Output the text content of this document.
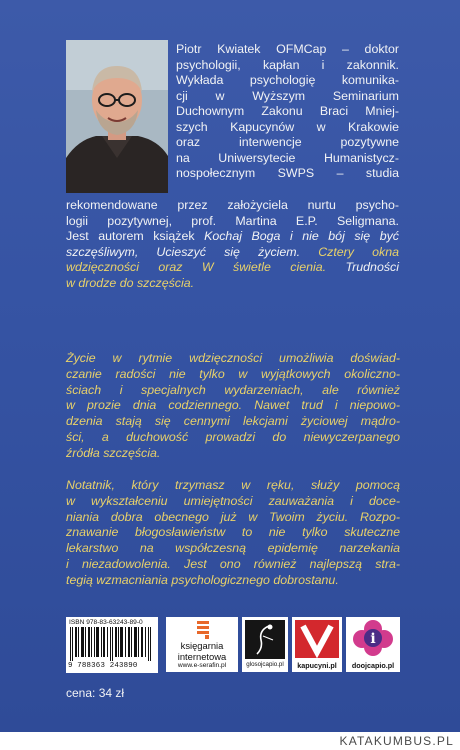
Piotr Kwiatek OFMCap – doktor
psychologii, kapłan i zakonnik.
Wykłada psychologię komunika-
cji w Wyższym Seminarium
Duchownym Zakonu Braci Mniej-
szych Kapucynów w Krakowie
oraz interwencje pozytywne
na Uniwersytecie Humanistycz-
nospołecznym SWPS – studia
rekomendowane przez założyciela nurtu psycho-
logii pozytywnej, prof. Martina E.P. Seligmana.
Jest autorem książek Kochaj Boga i nie bój się być
szczęśliwym, Ucieszyć się życiem. Cztery okna
wdzięczności oraz W świetle cienia. Trudności
w drodze do szczęścia.
Życie w rytmie wdzięczności umożliwia doświad-
czanie radości nie tylko w wyjątkowych okoliczno-
ściach i specjalnych wydarzeniach, ale również
w prozie dnia codziennego. Nawet trud i niepowo-
dzenia stają się cennymi lekcjami życiowej mądro-
ści, a duchowość prowadzi do niewyczerpanego
źródła szczęścia.
Notatnik, który trzymasz w ręku, służy pomocą
w wykształceniu umiejętności zauważania i doce-
niania dobra obecnego już w Twoim życiu. Rozpo-
znawanie błogosławieństw to nie tylko skuteczne
lekarstwo na współczesną epidemię narzekania
i niezadowolenia. Jest ono również najlepszą stra-
tegią wzmacniania psychologicznego dobrostanu.
ISBN 978-83-63243-89-0
9 788363 243890
księgarnia
internetowa
www.e-serafin.pl	glosojcapio.pl	kapucyni.pl
i
doojcapio.pl
cena: 34 zł
KATAKUMBUS.PL
